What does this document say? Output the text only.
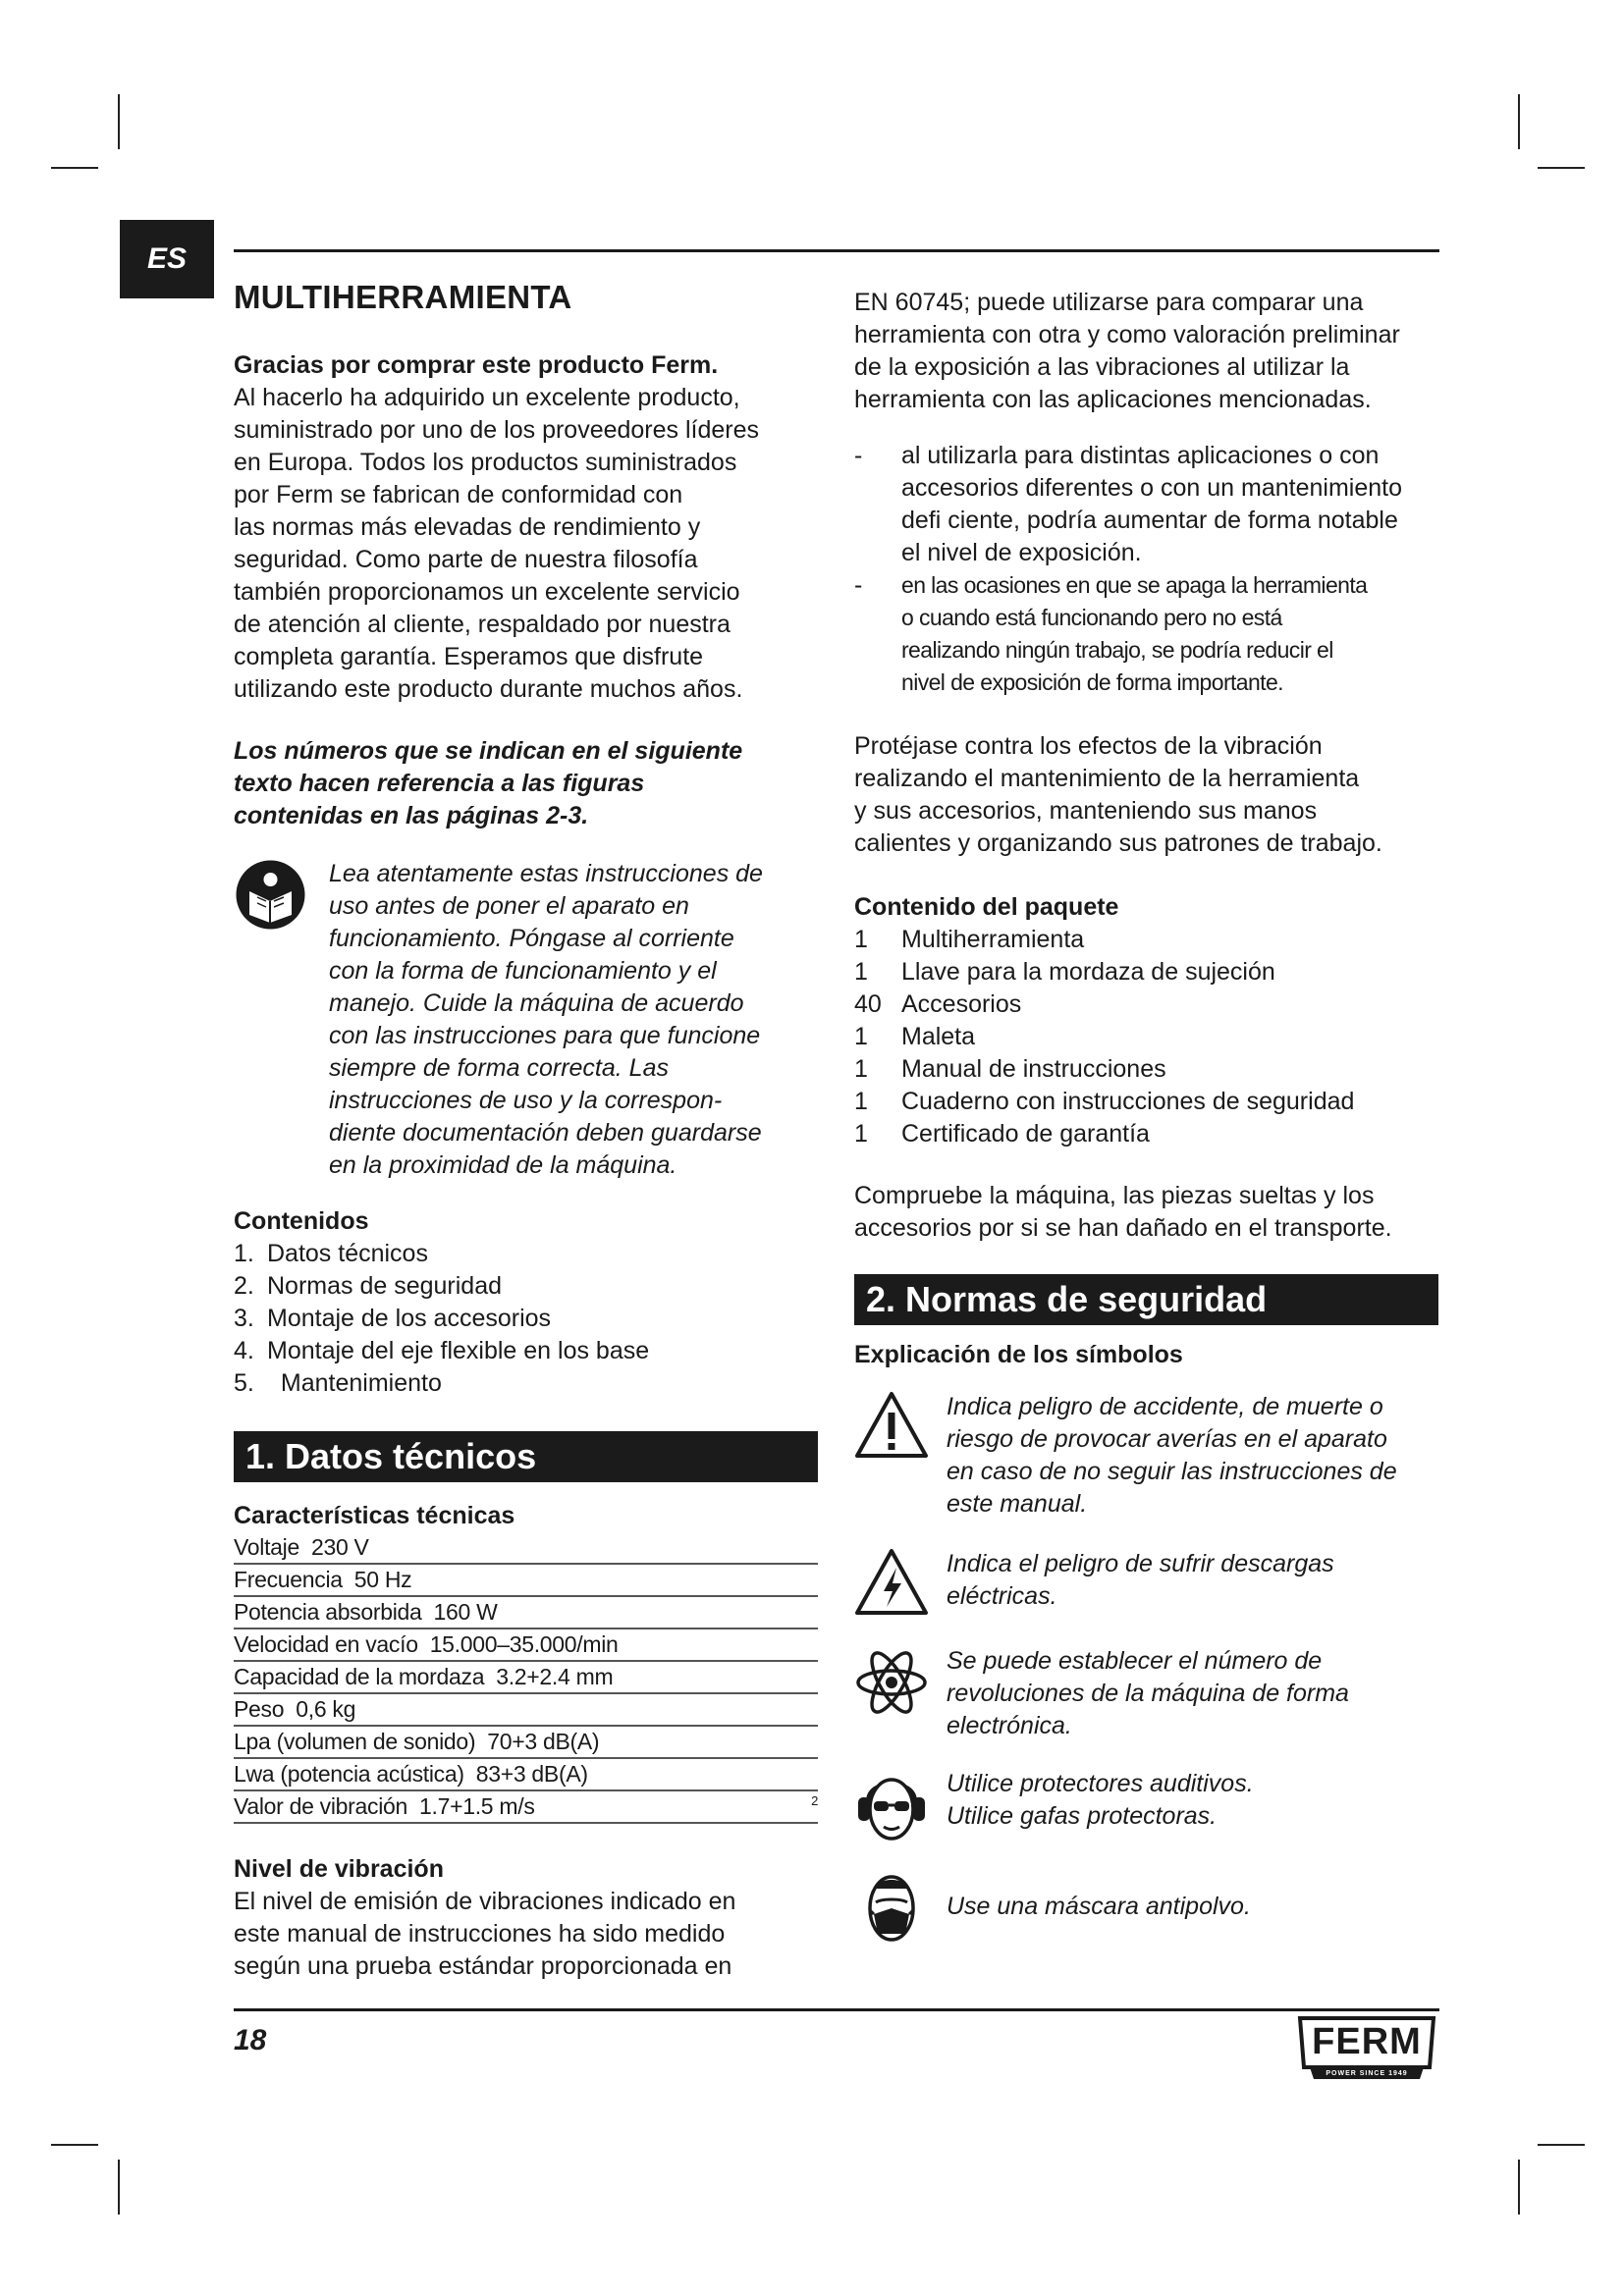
ES
MULTIHERRAMIENTA

Gracias por comprar este producto Ferm.

Al hacerlo ha adquirido un excelente producto,

suministrado por uno de los proveedores líderes

en Europa. Todos los productos suministrados

por Ferm se fabrican de conformidad con

las normas más elevadas de rendimiento y

seguridad. Como parte de nuestra filosofía

también proporcionamos un excelente servicio

de atención al cliente, respaldado por nuestra

completa garantía. Esperamos que disfrute

utilizando este producto durante muchos años.

Los números que se indican en el siguiente

texto hacen referencia a las figuras

contenidas en las páginas 2-3.

Lea atentamente estas instrucciones de
uso antes de poner el aparato en
funcionamiento. Póngase al corriente
con la forma de funcionamiento y el
manejo. Cuide la máquina de acuerdo
con las instrucciones para que funcione
siempre de forma correcta. Las
instrucciones de uso y la correspon-
diente documentación deben guardarse
en la proximidad de la máquina.

Contenidos

1. Datos técnicos
2. Normas de seguridad
3. Montaje de los accesorios
4. Montaje del eje flexible en los base
5. Mantenimiento
1. Datos técnicos

Características técnicas

Voltaje 230 V
Frecuencia 50 Hz
Potencia absorbida 160 W
Velocidad en vacío 15.000–35.000/min
Capacidad de la mordaza 3.2+2.4 mm
Peso 0,6 kg
Lpa (volumen de sonido) 70+3 dB(A)
Lwa (potencia acústica) 83+3 dB(A)
Valor de vibración 1.7+1.5 m/s	2

Nivel de vibración

El nivel de emisión de vibraciones indicado en

este manual de instrucciones ha sido medido

según una prueba estándar proporcionada en

EN 60745; puede utilizarse para comparar una

herramienta con otra y como valoración preliminar

de la exposición a las vibraciones al utilizar la

herramienta con las aplicaciones mencionadas.

-	al utilizarla para distintas aplicaciones o con
accesorios diferentes o con un mantenimiento
defi ciente, podría aumentar de forma notable
el nivel de exposición.
-	en las ocasiones en que se apaga la herramienta
o cuando está funcionando pero no está
realizando ningún trabajo, se podría reducir el
nivel de exposición de forma importante.

Protéjase contra los efectos de la vibración

realizando el mantenimiento de la herramienta

y sus accesorios, manteniendo sus manos

calientes y organizando sus patrones de trabajo.

Contenido del paquete

1	Multiherramienta
1	Llave para la mordaza de sujeción
40 Accesorios
1	Maleta
1	Manual de instrucciones
1	Cuaderno con instrucciones de seguridad
1	Certificado de garantía

Compruebe la máquina, las piezas sueltas y los

accesorios por si se han dañado en el transporte.

2. Normas de seguridad

Explicación de los símbolos

Indica peligro de accidente, de muerte o
riesgo de provocar averías en el aparato
en caso de no seguir las instrucciones de
este manual.
Indica el peligro de sufrir descargas
eléctricas.
Se puede establecer el número de
revoluciones de la máquina de forma
electrónica.
Utilice protectores auditivos.
Utilice gafas protectoras.
Use una máscara antipolvo.
18	FERM
POWER SINCE 1949
